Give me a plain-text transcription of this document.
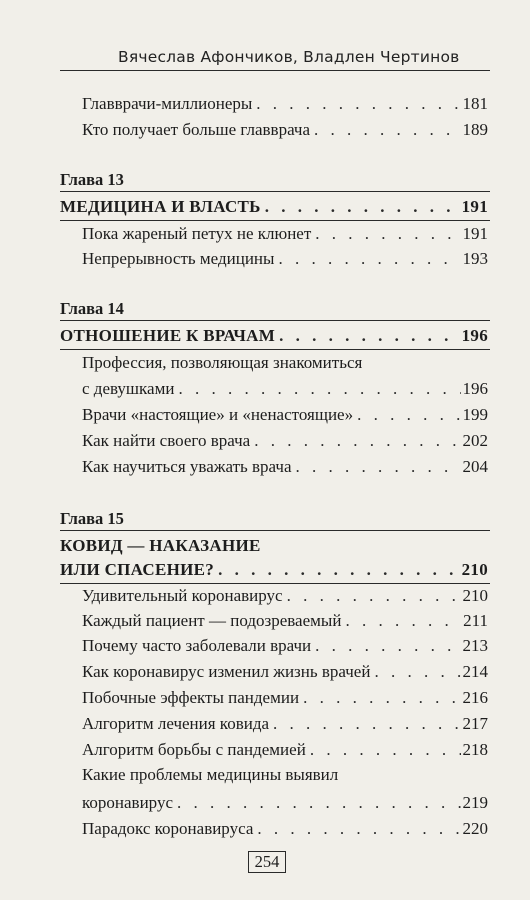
Вячеслав Афончиков, Владлен Чертинов
Главврачи-миллионеры . . .	181
Кто получает больше главврача . . .	189
Глава 13
МЕДИЦИНА И ВЛАСТЬ . . .	191
Пока жареный петух не клюнет . . .	191
Непрерывность медицины . . .	193
Глава 14
ОТНОШЕНИЕ К ВРАЧАМ . . .	196
Профессия, позволяющая знакомиться
с девушками . . .	196
Врачи «настоящие» и «ненастоящие» . . .	199
Как найти своего врача . . .	202
Как научиться уважать врача . . .	204
Глава 15
КОВИД — НАКАЗАНИЕ
ИЛИ СПАСЕНИЕ? . . .	210
Удивительный коронавирус . . .	210
Каждый пациент — подозреваемый . . .	211
Почему часто заболевали врачи . . .	213
Как коронавирус изменил жизнь врачей . . .	214
Побочные эффекты пандемии . . .	216
Алгоритм лечения ковида . . .	217
Алгоритм борьбы с пандемией . . .	218
Какие проблемы медицины выявил
коронавирус . . .	219
Парадокс коронавируса . . .	220
254
